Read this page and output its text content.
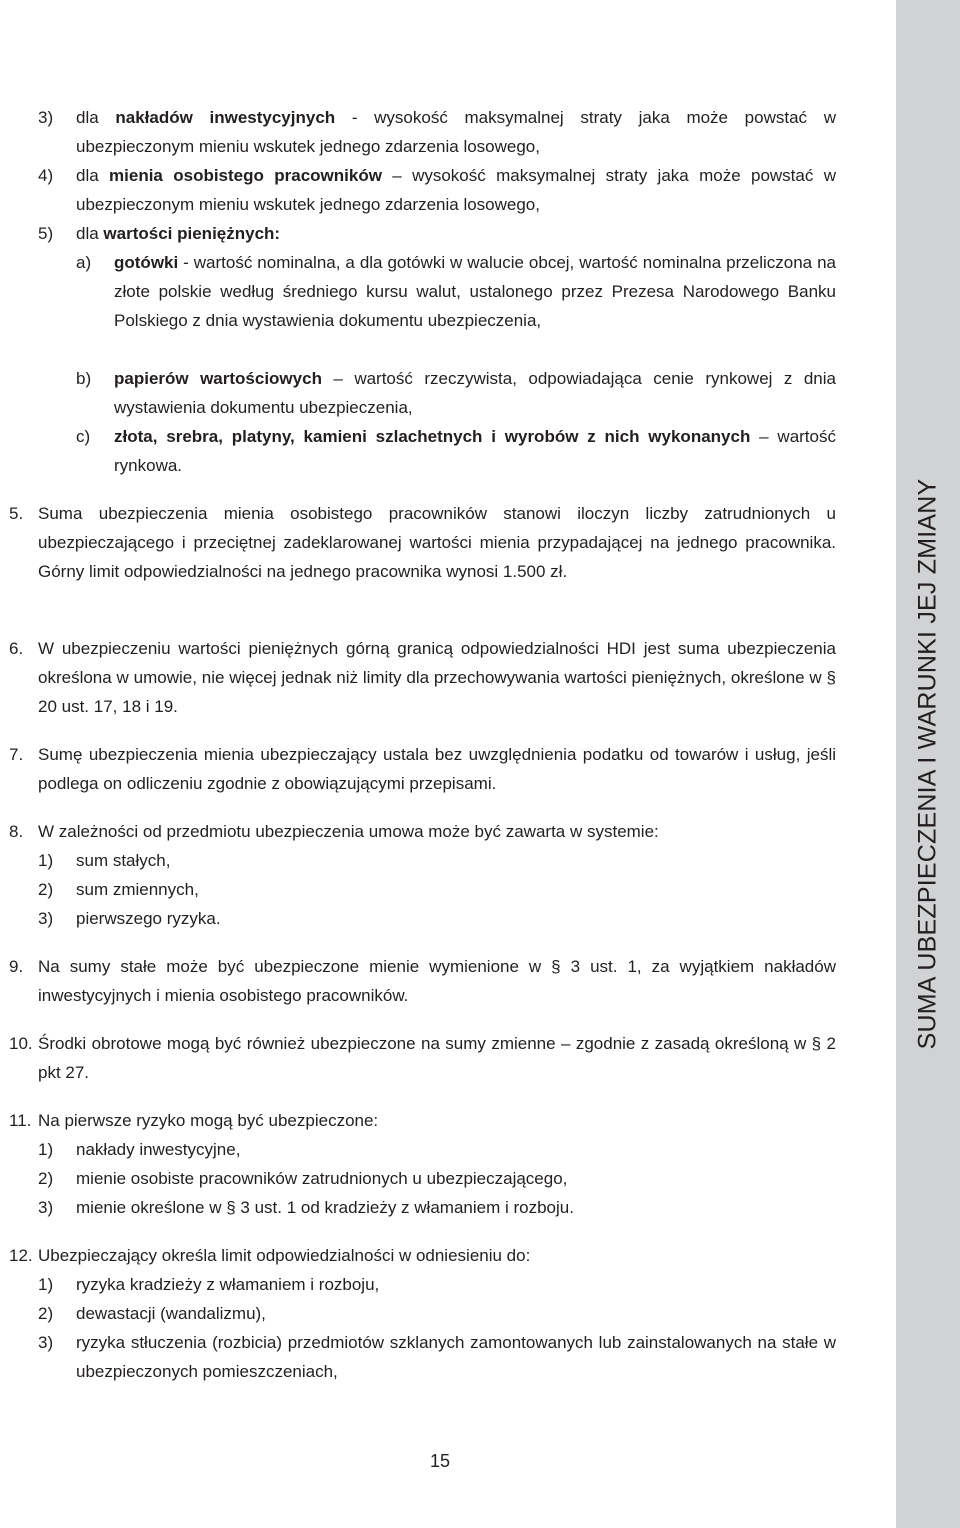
3) dla nakładów inwestycyjnych - wysokość maksymalnej straty jaka może powstać w ubezpieczonym mieniu wskutek jednego zdarzenia losowego,
4) dla mienia osobistego pracowników – wysokość maksymalnej straty jaka może powstać w ubezpieczonym mieniu wskutek jednego zdarzenia losowego,
5) dla wartości pieniężnych:
a) gotówki - wartość nominalna, a dla gotówki w walucie obcej, wartość nominalna przeliczona na złote polskie według średniego kursu walut, ustalonego przez Prezesa Narodowego Banku Polskiego z dnia wystawienia dokumentu ubezpieczenia,
b) papierów wartościowych – wartość rzeczywista, odpowiadająca cenie rynkowej z dnia wystawienia dokumentu ubezpieczenia,
c) złota, srebra, platyny, kamieni szlachetnych i wyrobów z nich wykonanych – wartość rynkowa.
5. Suma ubezpieczenia mienia osobistego pracowników stanowi iloczyn liczby zatrudnionych u ubezpieczającego i przeciętnej zadeklarowanej wartości mienia przypadającej na jednego pracownika. Górny limit odpowiedzialności na jednego pracownika wynosi 1.500 zł.
6. W ubezpieczeniu wartości pieniężnych górną granicą odpowiedzialności HDI jest suma ubezpieczenia określona w umowie, nie więcej jednak niż limity dla przechowywania wartości pieniężnych, określone w § 20 ust. 17, 18 i 19.
7. Sumę ubezpieczenia mienia ubezpieczający ustala bez uwzględnienia podatku od towarów i usług, jeśli podlega on odliczeniu zgodnie z obowiązującymi przepisami.
8. W zależności od przedmiotu ubezpieczenia umowa może być zawarta w systemie:
1) sum stałych,
2) sum zmiennych,
3) pierwszego ryzyka.
9. Na sumy stałe może być ubezpieczone mienie wymienione w § 3 ust. 1, za wyjątkiem nakładów inwestycyjnych i mienia osobistego pracowników.
10. Środki obrotowe mogą być również ubezpieczone na sumy zmienne – zgodnie z zasadą określoną w § 2 pkt 27.
11. Na pierwsze ryzyko mogą być ubezpieczone:
1) nakłady inwestycyjne,
2) mienie osobiste pracowników zatrudnionych u ubezpieczającego,
3) mienie określone w § 3 ust. 1 od kradzieży z włamaniem i rozboju.
12. Ubezpieczający określa limit odpowiedzialności w odniesieniu do:
1) ryzyka kradzieży z włamaniem i rozboju,
2) dewastacji (wandalizmu),
3) ryzyka stłuczenia (rozbicia) przedmiotów szklanych zamontowanych lub zainstalowanych na stałe w ubezpieczonych pomieszczeniach,
15
SUMA UBEZPIECZENIA I WARUNKI JEJ ZMIANY
